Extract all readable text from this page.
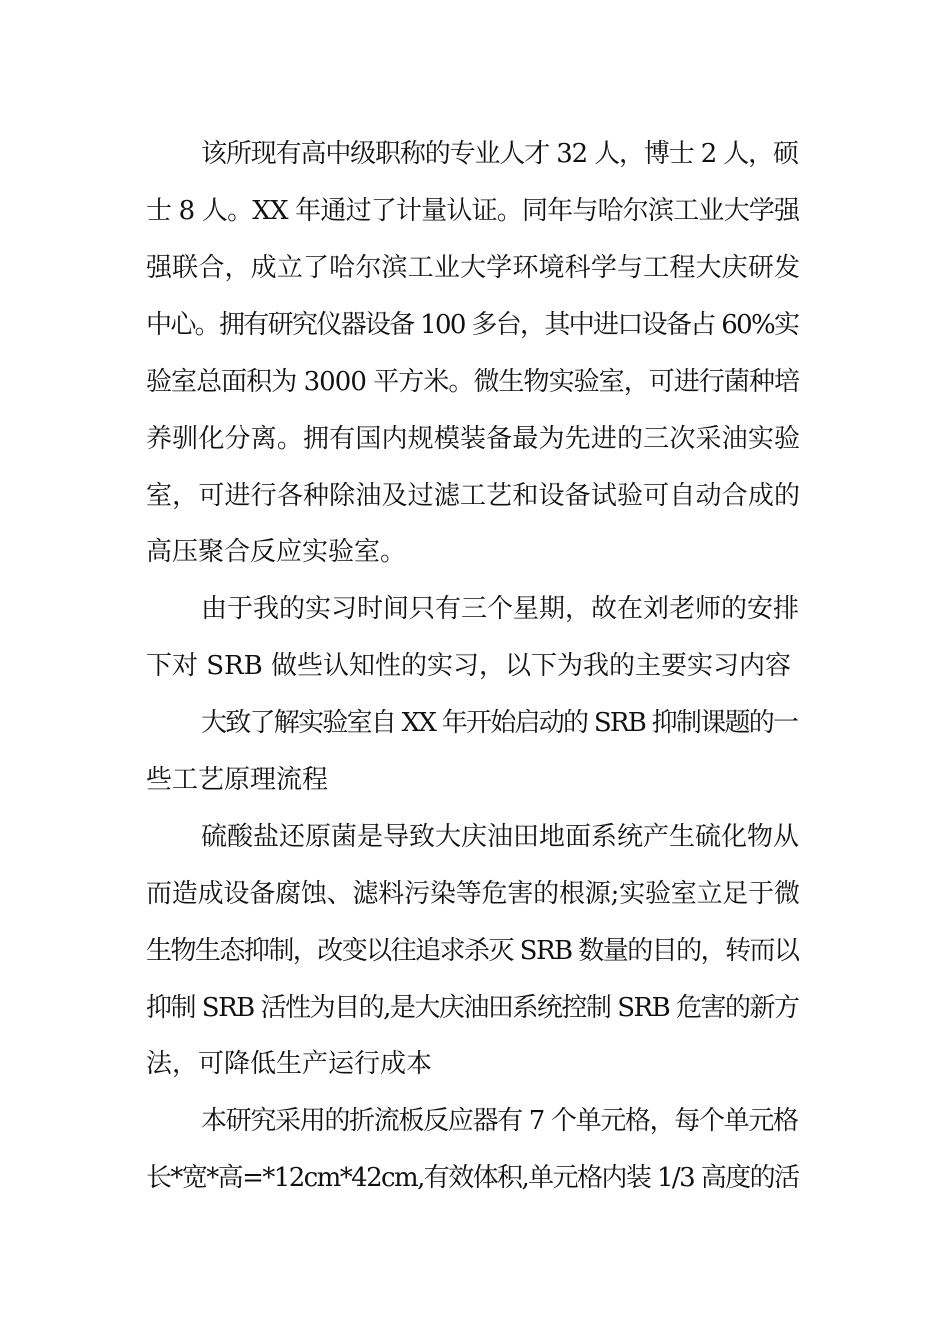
该所现有高中级职称的专业人才 32 人，博士 2 人，硕
士 8 人。XX 年通过了计量认证。同年与哈尔滨工业大学强
强联合，成立了哈尔滨工业大学环境科学与工程大庆研发
中心。拥有研究仪器设备 100 多台，其中进口设备占 60%实
验室总面积为 3000 平方米。微生物实验室，可进行菌种培
养驯化分离。拥有国内规模装备最为先进的三次采油实验
室，可进行各种除油及过滤工艺和设备试验可自动合成的
高压聚合反应实验室。
由于我的实习时间只有三个星期，故在刘老师的安排
下对 SRB 做些认知性的实习，以下为我的主要实习内容
大致了解实验室自 XX 年开始启动的 SRB 抑制课题的一
些工艺原理流程
硫酸盐还原菌是导致大庆油田地面系统产生硫化物从
而造成设备腐蚀、滤料污染等危害的根源;实验室立足于微
生物生态抑制，改变以往追求杀灭 SRB 数量的目的，转而以
抑制 SRB 活性为目的,是大庆油田系统控制 SRB 危害的新方
法，可降低生产运行成本
本研究采用的折流板反应器有 7 个单元格，每个单元格
长*宽*高=*12cm*42cm,有效体积,单元格内装 1/3 高度的活
